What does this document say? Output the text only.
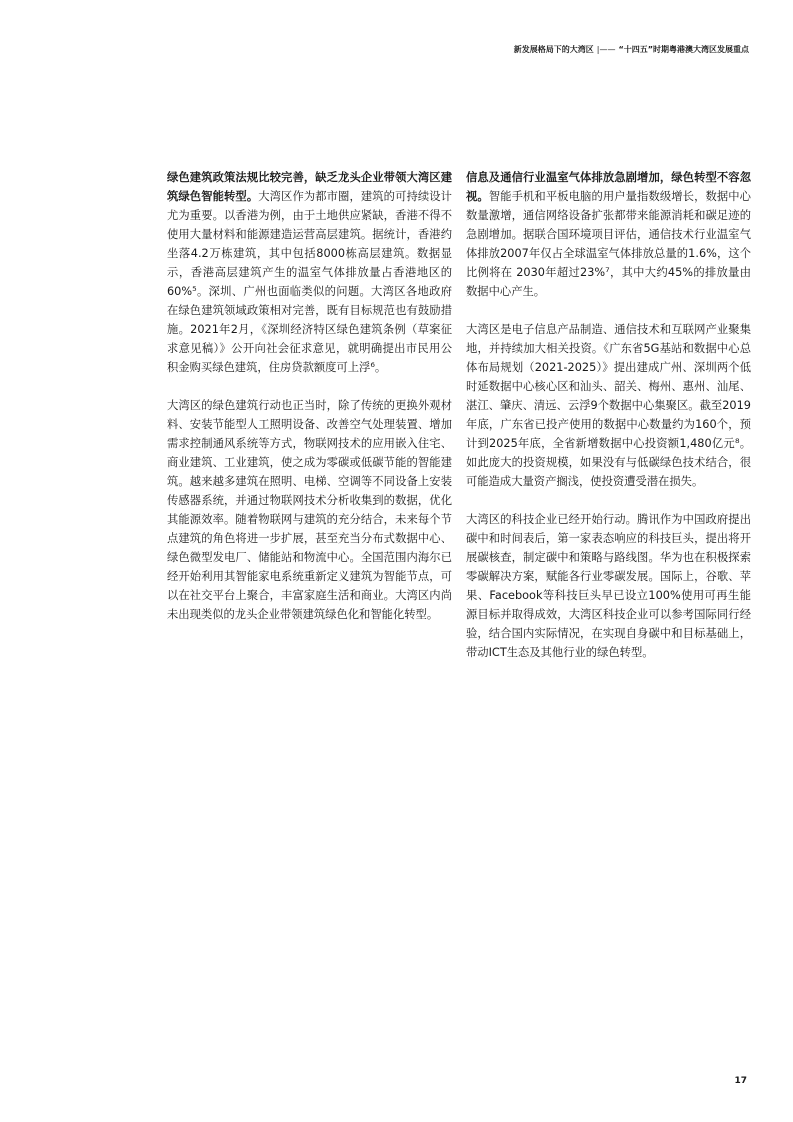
新发展格局下的大湾区 |—— “十四五”时期粤港澳大湾区发展重点

绿色建筑政策法规比较完善，缺乏龙头企业带领大湾区建筑绿色智能转型。大湾区作为都市圈，建筑的可持续设计尤为重要。以香港为例，由于土地供应紧缺，香港不得不使用大量材料和能源建造运营高层建筑。据统计，香港约坐落4.2万栋建筑，其中包括8000栋高层建筑。数据显示，香港高层建筑产生的温室气体排放量占香港地区的60%⁵。深圳、广州也面临类似的问题。大湾区各地政府在绿色建筑领域政策相对完善，既有目标规范也有鼓励措施。2021年2月，《深圳经济特区绿色建筑条例（草案征求意见稿）》公开向社会征求意见，就明确提出市民用公积金购买绿色建筑，住房贷款额度可上浮⁶。

大湾区的绿色建筑行动也正当时，除了传统的更换外观材料、安装节能型人工照明设备、改善空气处理装置、增加需求控制通风系统等方式，物联网技术的应用嵌入住宅、商业建筑、工业建筑，使之成为零碳或低碳节能的智能建筑。越来越多建筑在照明、电梯、空调等不同设备上安装传感器系统，并通过物联网技术分析收集到的数据，优化其能源效率。随着物联网与建筑的充分结合，未来每个节点建筑的角色将进一步扩展，甚至充当分布式数据中心、绿色微型发电厂、储能站和物流中心。全国范围内海尔已经开始利用其智能家电系统重新定义建筑为智能节点，可以在社交平台上聚合，丰富家庭生活和商业。大湾区内尚未出现类似的龙头企业带领建筑绿色化和智能化转型。

信息及通信行业温室气体排放急剧增加，绿色转型不容忽视。智能手机和平板电脑的用户量指数级增长，数据中心数量激增，通信网络设备扩张都带来能源消耗和碳足迹的急剧增加。据联合国环境项目评估，通信技术行业温室气体排放2007年仅占全球温室气体排放总量的1.6%，这个比例将在 2030年超过23%⁷，其中大约45%的排放量由数据中心产生。

大湾区是电子信息产品制造、通信技术和互联网产业聚集地，并持续加大相关投资。《广东省5G基站和数据中心总体布局规划（2021-2025）》提出建成广州、深圳两个低时延数据中心核心区和汕头、韶关、梅州、惠州、汕尾、湛江、肇庆、清远、云浮9个数据中心集聚区。截至2019年底，广东省已投产使用的数据中心数量约为160个，预计到2025年底，全省新增数据中心投资额1,480亿元⁸。如此庞大的投资规模，如果没有与低碳绿色技术结合，很可能造成大量资产搁浅，使投资遭受潜在损失。

大湾区的科技企业已经开始行动。腾讯作为中国政府提出碳中和时间表后，第一家表态响应的科技巨头，提出将开展碳核查，制定碳中和策略与路线图。华为也在积极探索零碳解决方案，赋能各行业零碳发展。国际上，谷歌、苹果、Facebook等科技巨头早已设立100%使用可再生能源目标并取得成效，大湾区科技企业可以参考国际同行经验，结合国内实际情况，在实现自身碳中和目标基础上，带动ICT生态及其他行业的绿色转型。

17
